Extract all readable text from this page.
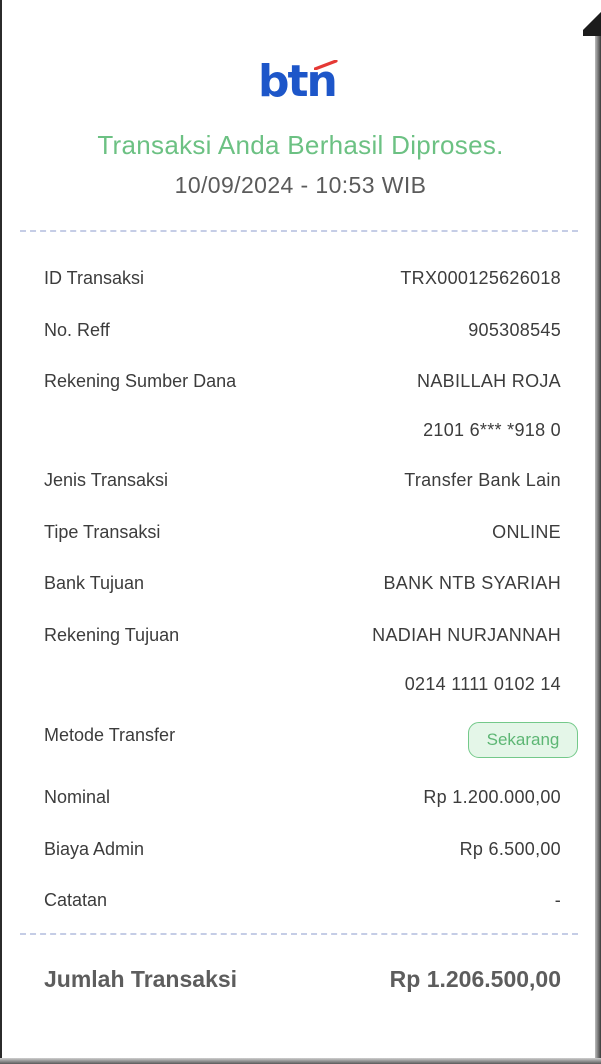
btn
Transaksi Anda Berhasil Diproses.
10/09/2024 - 10:53 WIB
ID Transaksi	TRX000125626018
No. Reff	905308545
Rekening Sumber Dana	NABILLAH ROJA
2101 6*** *918 0
Jenis Transaksi	Transfer Bank Lain
Tipe Transaksi	ONLINE
Bank Tujuan	BANK NTB SYARIAH
Rekening Tujuan	NADIAH NURJANNAH
0214 1111 0102 14
Metode Transfer	Sekarang
Nominal	Rp 1.200.000,00
Biaya Admin	Rp 6.500,00
Catatan	-
Jumlah Transaksi	Rp 1.206.500,00
